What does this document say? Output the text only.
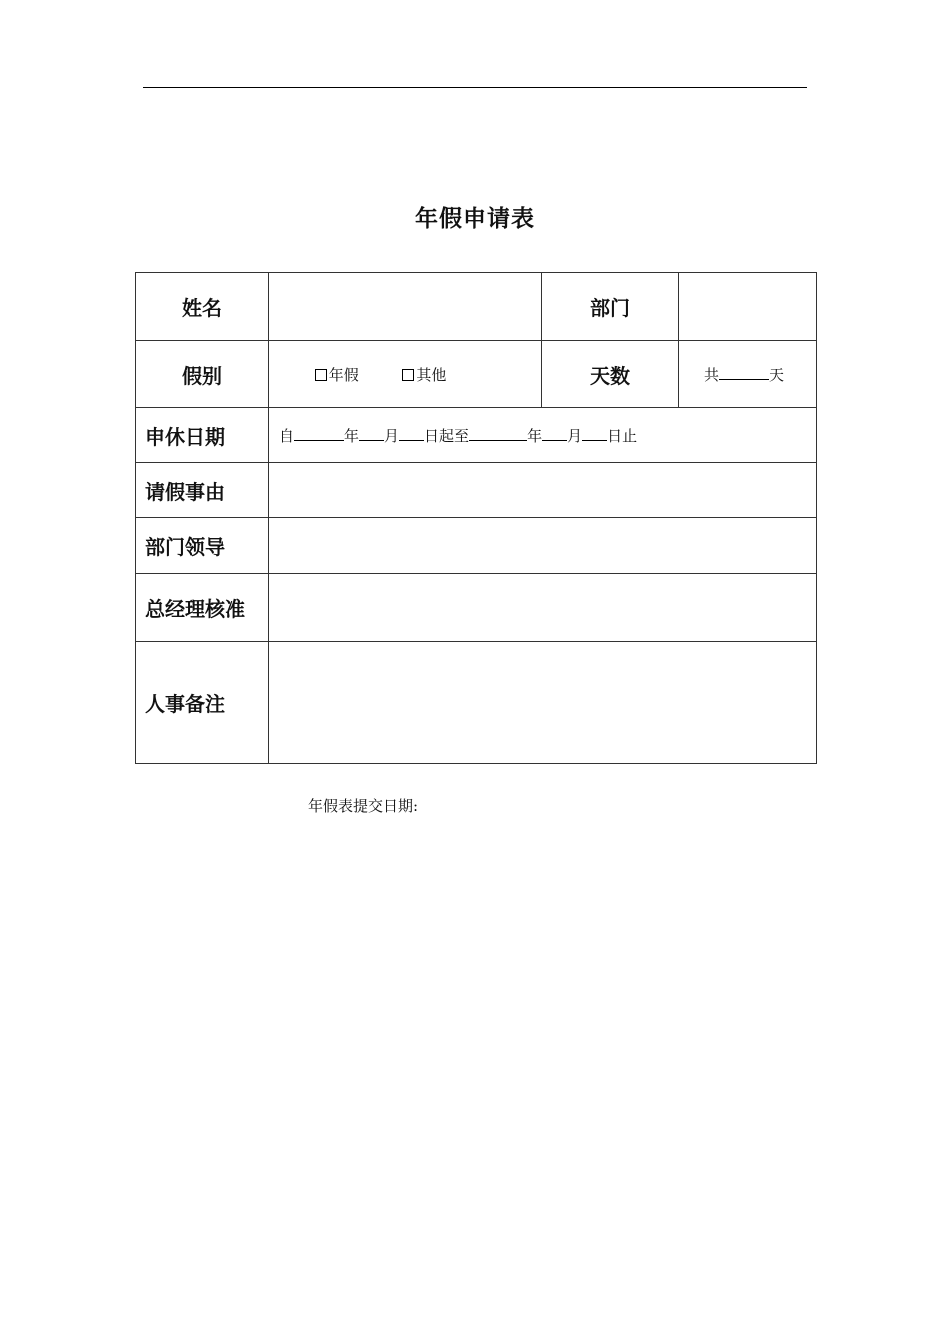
年假申请表
姓名		部门	
假别	年假 其他	天数	共 天
申休日期	自 年 月 日起至 年 月 日止		
请假事由			
部门领导			
总经理核准			
人事备注			
年假表提交日期:
